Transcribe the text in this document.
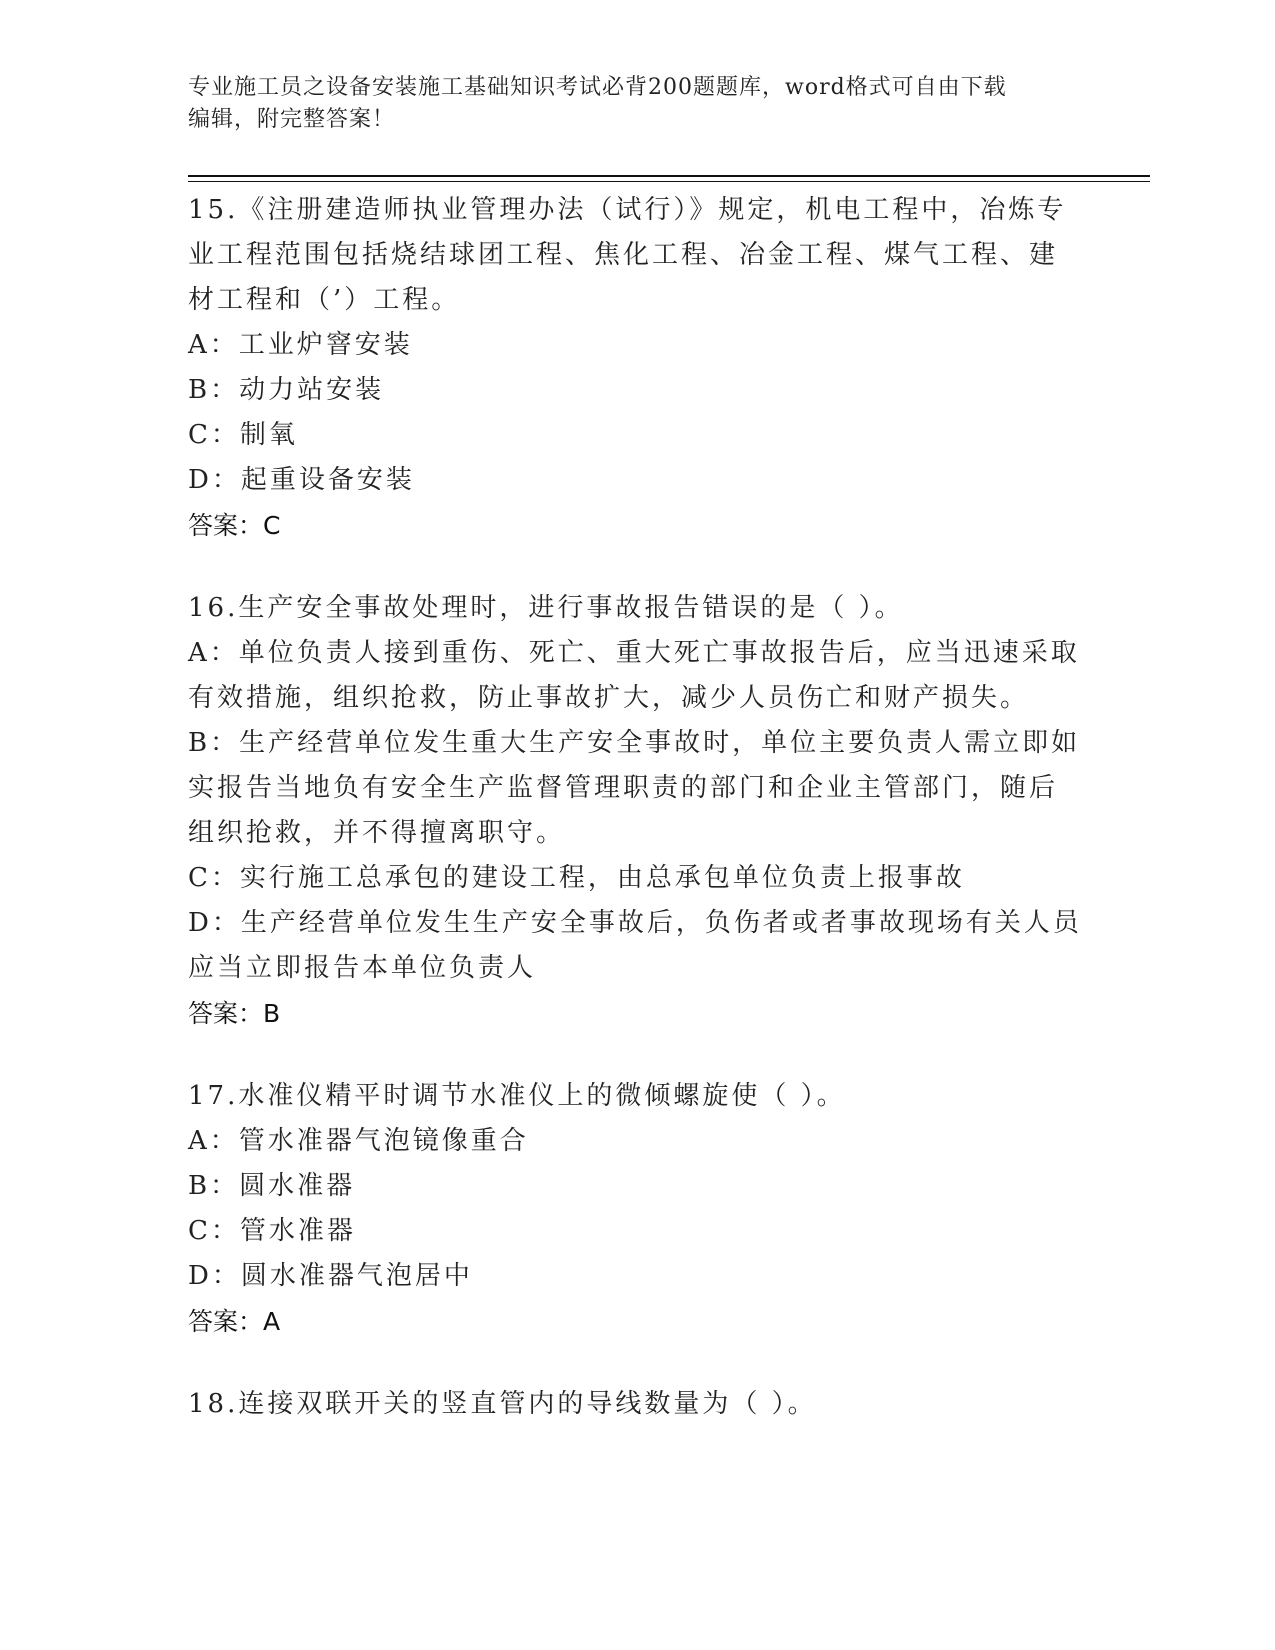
专业施工员之设备安装施工基础知识考试必背200题题库，word格式可自由下载
编辑，附完整答案！

15.《注册建造师执业管理办法（试行）》规定，机电工程中，冶炼专

业工程范围包括烧结球团工程、焦化工程、冶金工程、煤气工程、建

材工程和（’）工程。

A：工业炉窨安装

B：动力站安装

C：制氧

D：起重设备安装

答案：C

16.生产安全事故处理时，进行事故报告错误的是（ ）。

A：单位负责人接到重伤、死亡、重大死亡事故报告后，应当迅速采取

有效措施，组织抢救，防止事故扩大，减少人员伤亡和财产损失。

B：生产经营单位发生重大生产安全事故时，单位主要负责人需立即如

实报告当地负有安全生产监督管理职责的部门和企业主管部门，随后

组织抢救，并不得擅离职守。

C：实行施工总承包的建设工程，由总承包单位负责上报事故

D：生产经营单位发生生产安全事故后，负伤者或者事故现场有关人员

应当立即报告本单位负责人

答案：B

17.水准仪精平时调节水准仪上的微倾螺旋使（ ）。

A：管水准器气泡镜像重合

B：圆水准器

C：管水准器

D：圆水准器气泡居中

答案：A

18.连接双联开关的竖直管内的导线数量为（ ）。
